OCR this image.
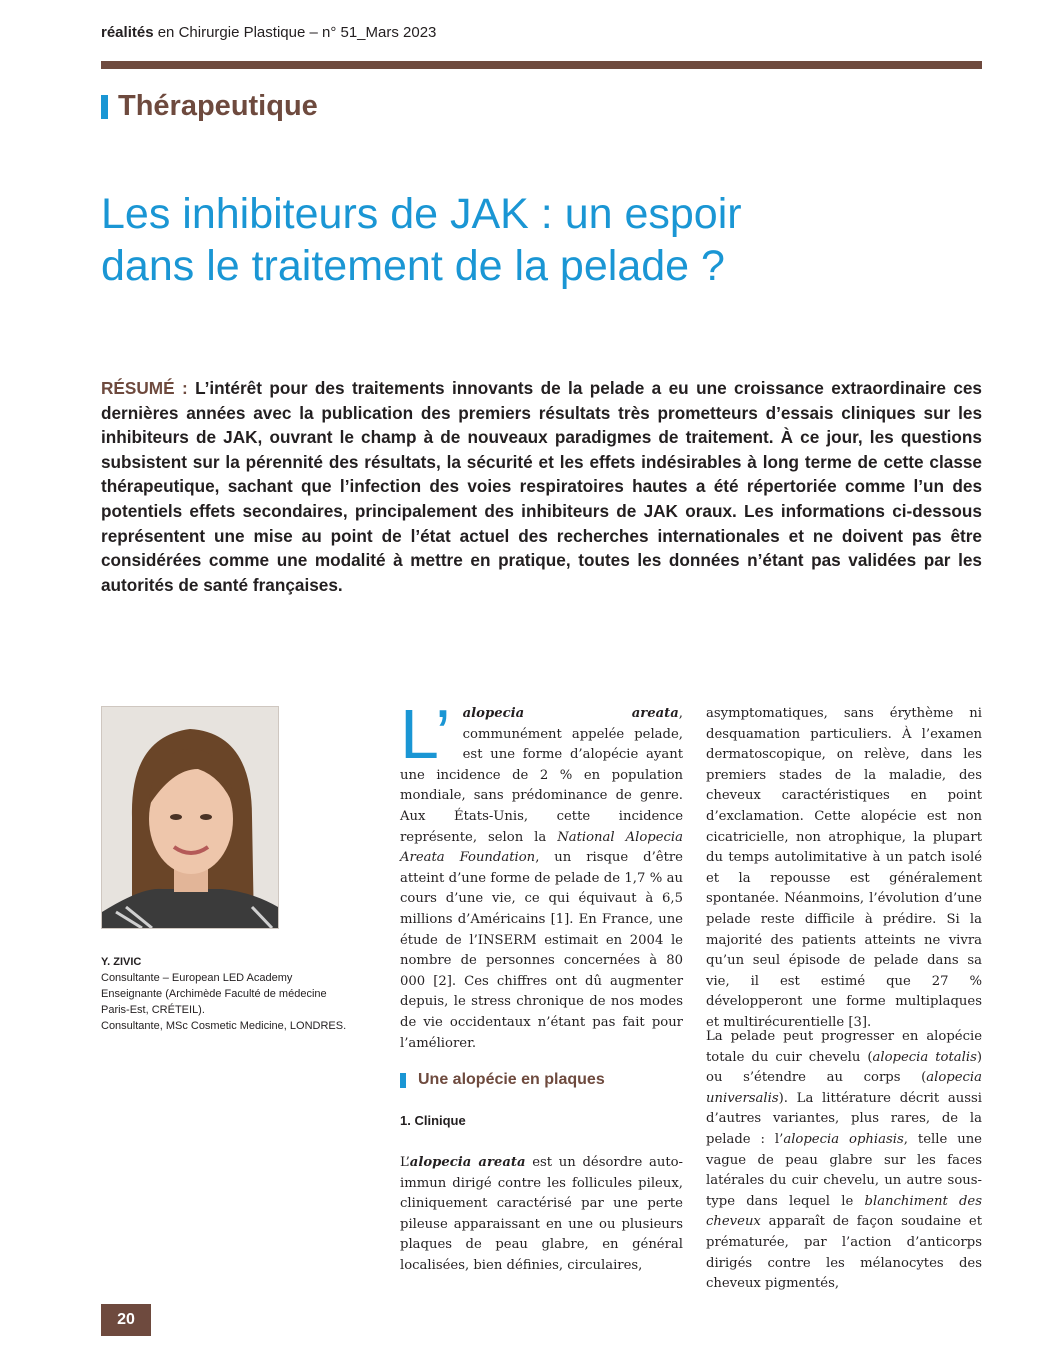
réalités en Chirurgie Plastique – n° 51_Mars 2023
Thérapeutique
Les inhibiteurs de JAK : un espoir
dans le traitement de la pelade ?

RÉSUMÉ : L’intérêt pour des traitements innovants de la pelade a eu une croissance extraordinaire ces dernières années avec la publication des premiers résultats très prometteurs d’essais cliniques sur les inhibiteurs de JAK, ouvrant le champ à de nouveaux paradigmes de traitement. À ce jour, les questions subsistent sur la pérennité des résultats, la sécurité et les effets indésirables à long terme de cette classe thérapeutique, sachant que l’infection des voies respiratoires hautes a été répertoriée comme l’un des potentiels effets secondaires, principalement des inhibiteurs de JAK oraux. Les informations ci-dessous représentent une mise au point de l’état actuel des recherches internationales et ne doivent pas être considérées comme une modalité à mettre en pratique, toutes les données n’étant pas validées par les autorités de santé françaises.

Y. ZIVIC
Consultante – European LED Academy
Enseignante (Archimède Faculté de médecine
Paris-Est, CRÉTEIL).
Consultante, MSc Cosmetic Medicine, LONDRES.

L’ alopecia areata, communément appelée pelade, est une forme d’alopécie ayant une incidence de 2 % en population mondiale, sans prédominance de genre. Aux États-Unis, cette incidence représente, selon la National Alopecia Areata Foundation, un risque d’être atteint d’une forme de pelade de 1,7 % au cours d’une vie, ce qui équivaut à 6,5 millions d’Américains [1]. En France, une étude de l’INSERM estimait en 2004 le nombre de personnes concernées à 80 000 [2]. Ces chiffres ont dû augmenter depuis, le stress chronique de nos modes de vie occidentaux n’étant pas fait pour l’améliorer.

Une alopécie en plaques
1. Clinique

L’alopecia areata est un désordre auto-immun dirigé contre les follicules pileux, cliniquement caractérisé par une perte pileuse apparaissant en une ou plusieurs plaques de peau glabre, en général localisées, bien définies, circulaires,

asymptomatiques, sans érythème ni desquamation particuliers. À l’examen dermatoscopique, on relève, dans les premiers stades de la maladie, des cheveux caractéristiques en point d’exclamation. Cette alopécie est non cicatricielle, non atrophique, la plupart du temps autolimitative à un patch isolé et la repousse est généralement spontanée. Néanmoins, l’évolution d’une pelade reste difficile à prédire. Si la majorité des patients atteints ne vivra qu’un seul épisode de pelade dans sa vie, il est estimé que 27 % développeront une forme multiplaques et multirécurentielle [3].

La pelade peut progresser en alopécie totale du cuir chevelu (alopecia totalis) ou s’étendre au corps (alopecia universalis). La littérature décrit aussi d’autres variantes, plus rares, de la pelade : l’alopecia ophiasis, telle une vague de peau glabre sur les faces latérales du cuir chevelu, un autre sous-type dans lequel le blanchiment des cheveux apparaît de façon soudaine et prématurée, par l’action d’anticorps dirigés contre les mélanocytes des cheveux pigmentés,

20
